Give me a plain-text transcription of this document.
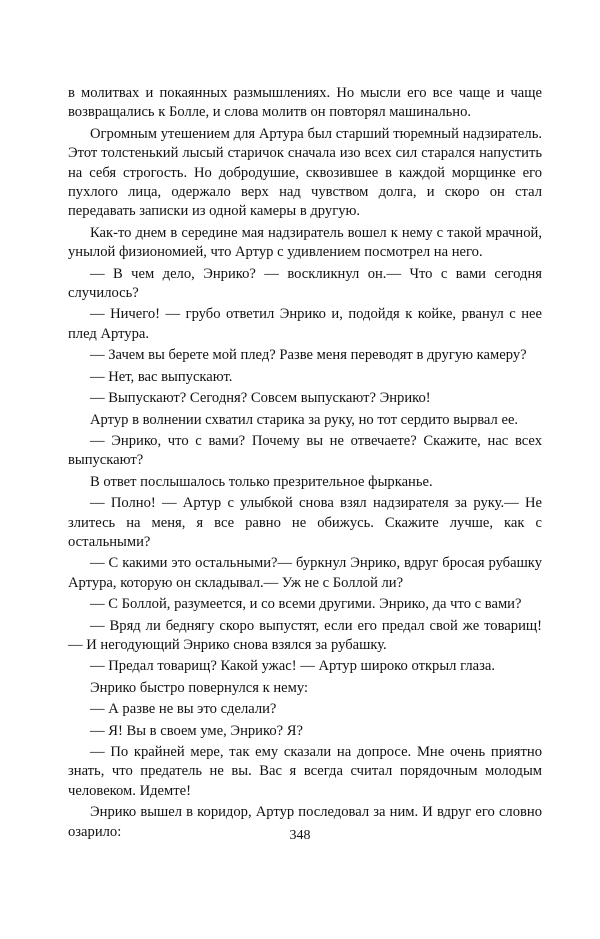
в молитвах и покаянных размышлениях. Но мысли его все чаще и чаще возвращались к Болле, и слова молитв он повторял машинально.

Огромным утешением для Артура был старший тюремный надзиратель. Этот толстенький лысый старичок сначала изо всех сил старался напустить на себя строгость. Но добродушие, сквозившее в каждой морщинке его пухлого лица, одержало верх над чувством долга, и скоро он стал передавать записки из одной камеры в другую.

Как-то днем в середине мая надзиратель вошел к нему с такой мрачной, унылой физиономией, что Артур с удивлением посмотрел на него.

— В чем дело, Энрико? — воскликнул он.— Что с вами сегодня случилось?

— Ничего! — грубо ответил Энрико и, подойдя к койке, рванул с нее плед Артура.

— Зачем вы берете мой плед? Разве меня переводят в другую камеру?

— Нет, вас выпускают.

— Выпускают? Сегодня? Совсем выпускают? Энрико!

Артур в волнении схватил старика за руку, но тот сердито вырвал ее.

— Энрико, что с вами? Почему вы не отвечаете? Скажите, нас всех выпускают?

В ответ послышалось только презрительное фырканье.

— Полно! — Артур с улыбкой снова взял надзирателя за руку.— Не злитесь на меня, я все равно не обижусь. Скажите лучше, как с остальными?

— С какими это остальными?— буркнул Энрико, вдруг бросая рубашку Артура, которую он складывал.— Уж не с Боллой ли?

— С Боллой, разумеется, и со всеми другими. Энрико, да что с вами?

— Вряд ли беднягу скоро выпустят, если его предал свой же товарищ! — И негодующий Энрико снова взялся за рубашку.

— Предал товарищ? Какой ужас! — Артур широко открыл глаза.

Энрико быстро повернулся к нему:

— А разве не вы это сделали?

— Я! Вы в своем уме, Энрико? Я?

— По крайней мере, так ему сказали на допросе. Мне очень приятно знать, что предатель не вы. Вас я всегда считал порядочным молодым человеком. Идемте!

Энрико вышел в коридор, Артур последовал за ним. И вдруг его словно озарило:	348
